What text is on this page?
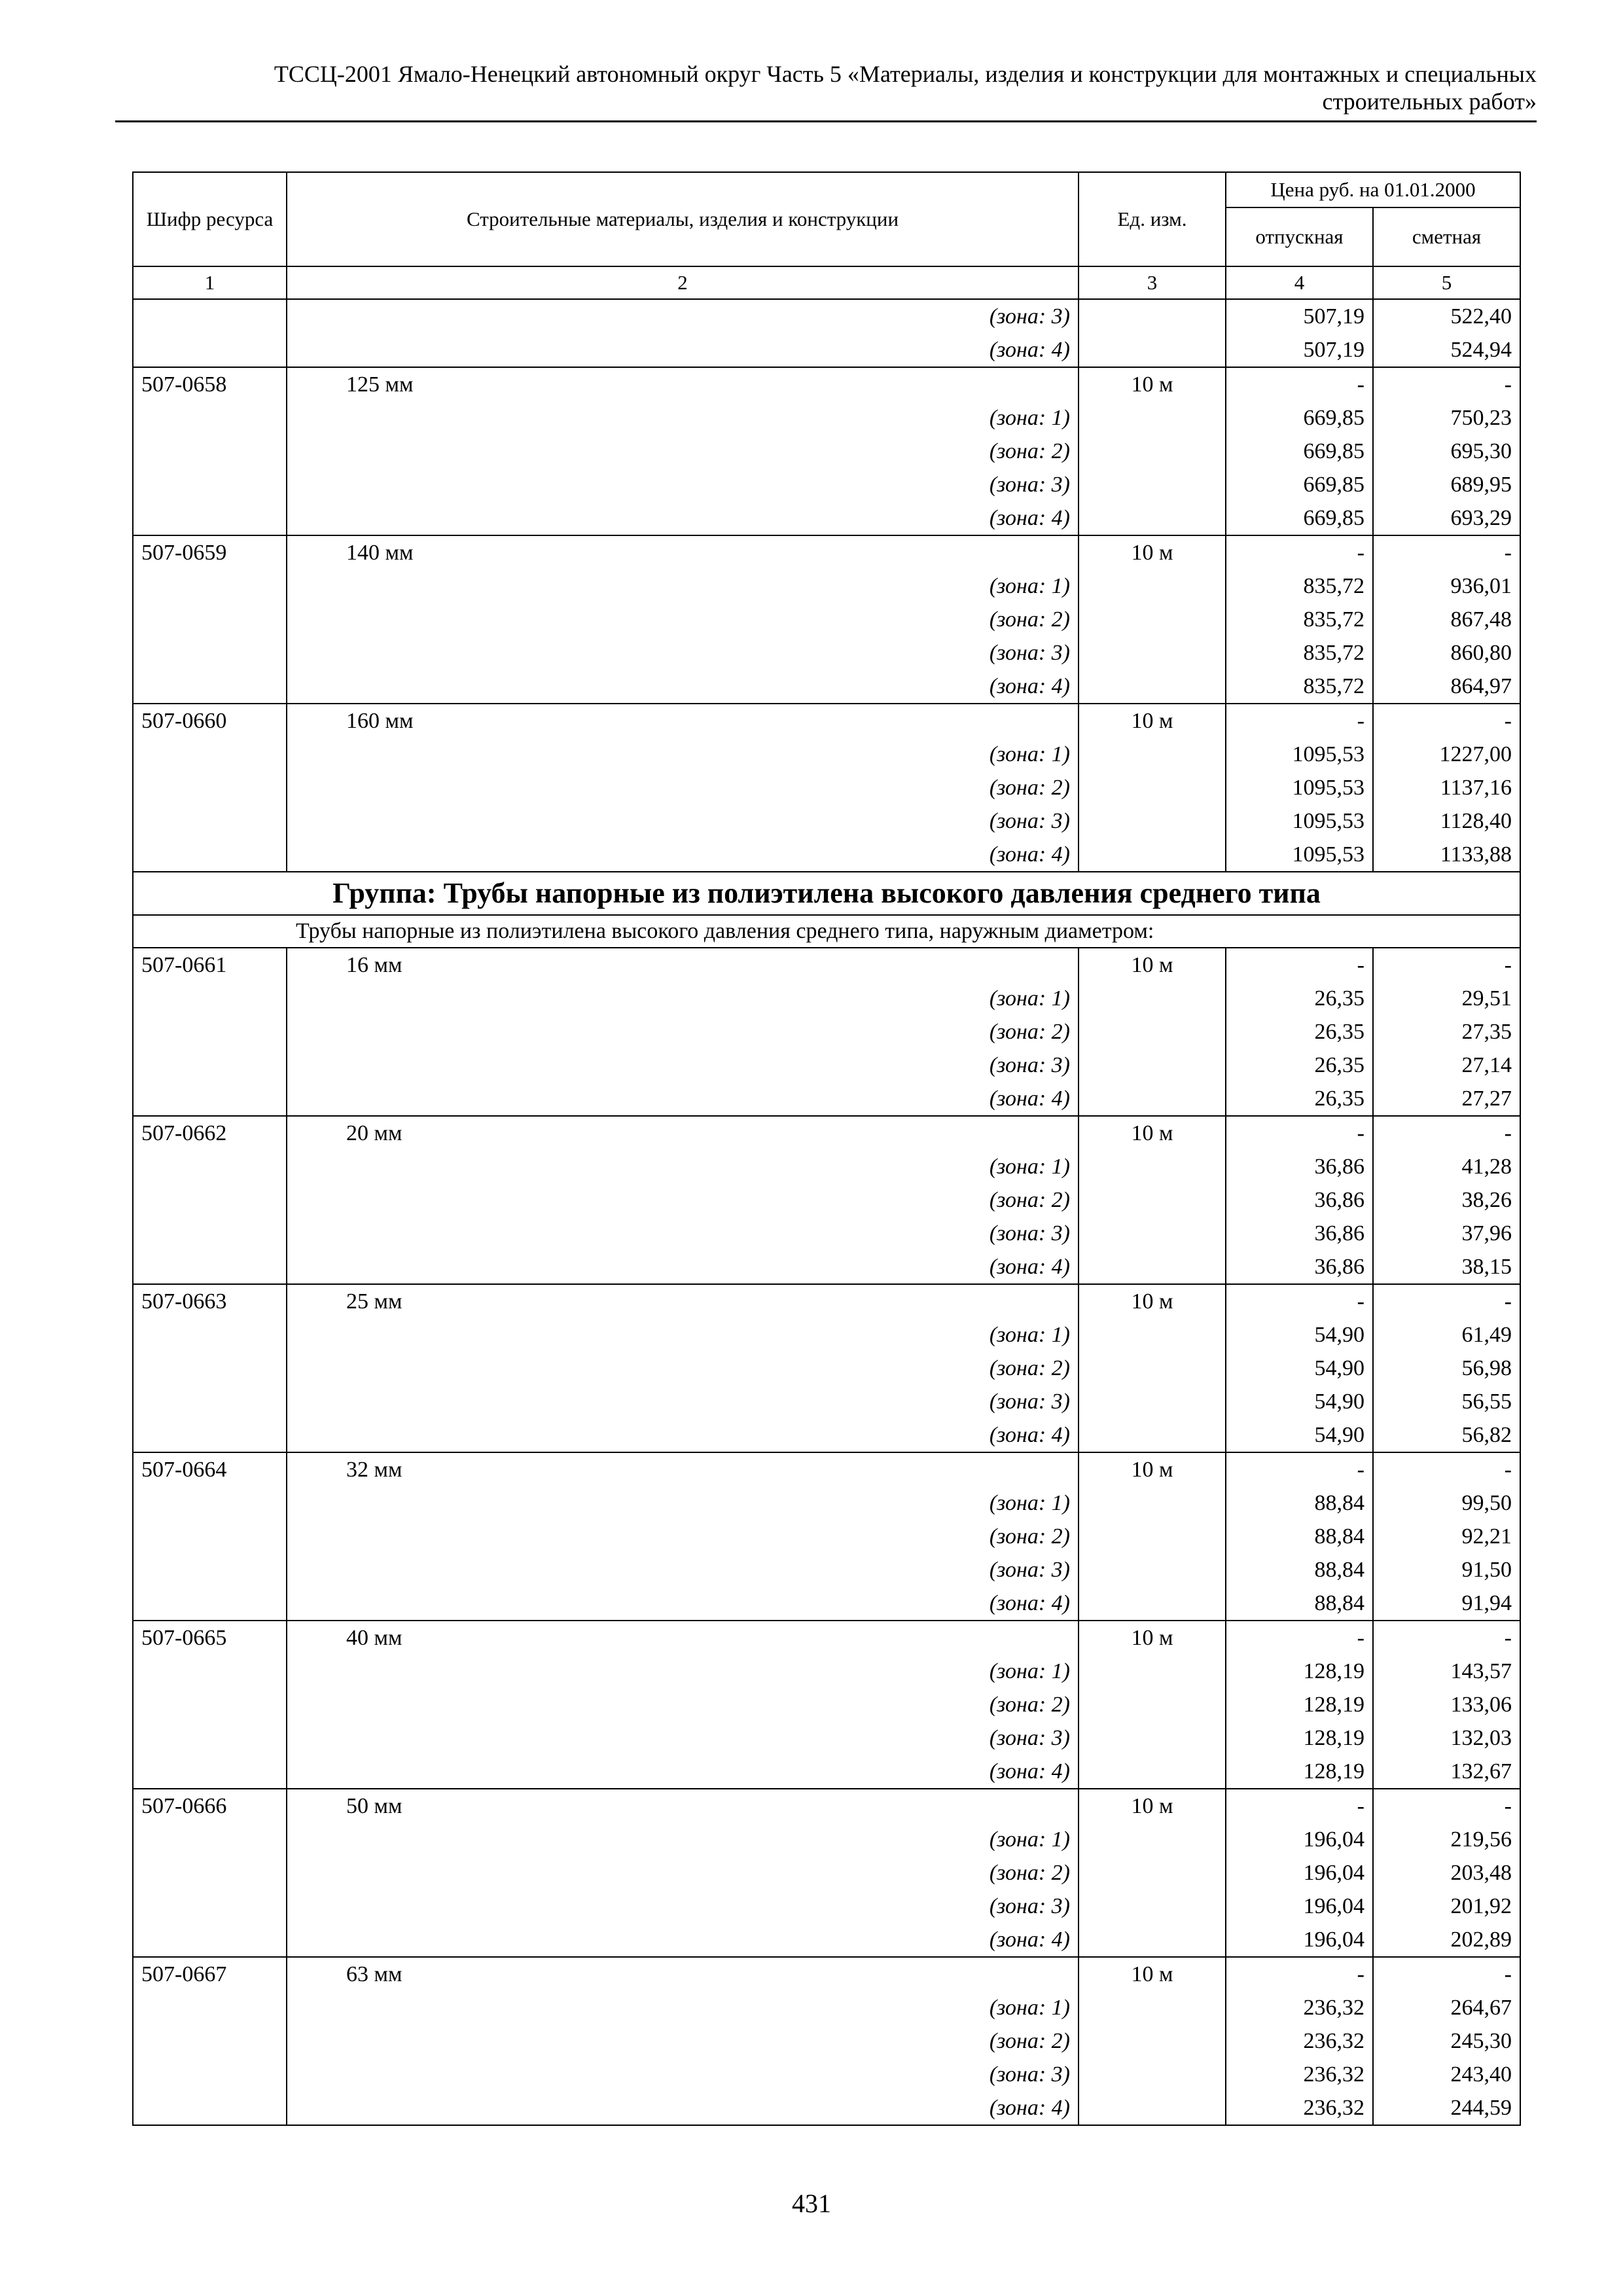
ТССЦ-2001 Ямало-Ненецкий автономный округ Часть 5 «Материалы, изделия и конструкции для монтажных и специальных
строительных работ»
Шифр ресурса	Строительные материалы, изделия и конструкции	Ед. изм.	Цена руб. на 01.01.2000	
			отпускная	сметная
1	2	3	4	5
	(зона: 3)		507,19	522,40
	(зона: 4)		507,19	524,94
507-0658	125 мм	10 м	-	-
	(зона: 1)		669,85	750,23
	(зона: 2)		669,85	695,30
	(зона: 3)		669,85	689,95
	(зона: 4)		669,85	693,29
507-0659	140 мм	10 м	-	-
	(зона: 1)		835,72	936,01
	(зона: 2)		835,72	867,48
	(зона: 3)		835,72	860,80
	(зона: 4)		835,72	864,97
507-0660	160 мм	10 м	-	-
	(зона: 1)		1095,53	1227,00
	(зона: 2)		1095,53	1137,16
	(зона: 3)		1095,53	1128,40
	(зона: 4)		1095,53	1133,88
Группа: Трубы напорные из полиэтилена высокого давления среднего типа				
Трубы напорные из полиэтилена высокого давления среднего типа, наружным диаметром:				
507-0661	16 мм	10 м	-	-
	(зона: 1)		26,35	29,51
	(зона: 2)		26,35	27,35
	(зона: 3)		26,35	27,14
	(зона: 4)		26,35	27,27
507-0662	20 мм	10 м	-	-
	(зона: 1)		36,86	41,28
	(зона: 2)		36,86	38,26
	(зона: 3)		36,86	37,96
	(зона: 4)		36,86	38,15
507-0663	25 мм	10 м	-	-
	(зона: 1)		54,90	61,49
	(зона: 2)		54,90	56,98
	(зона: 3)		54,90	56,55
	(зона: 4)		54,90	56,82
507-0664	32 мм	10 м	-	-
	(зона: 1)		88,84	99,50
	(зона: 2)		88,84	92,21
	(зона: 3)		88,84	91,50
	(зона: 4)		88,84	91,94
507-0665	40 мм	10 м	-	-
	(зона: 1)		128,19	143,57
	(зона: 2)		128,19	133,06
	(зона: 3)		128,19	132,03
	(зона: 4)		128,19	132,67
507-0666	50 мм	10 м	-	-
	(зона: 1)		196,04	219,56
	(зона: 2)		196,04	203,48
	(зона: 3)		196,04	201,92
	(зона: 4)		196,04	202,89
507-0667	63 мм	10 м	-	-
	(зона: 1)		236,32	264,67
	(зона: 2)		236,32	245,30
	(зона: 3)		236,32	243,40
	(зона: 4)		236,32	244,59
431
